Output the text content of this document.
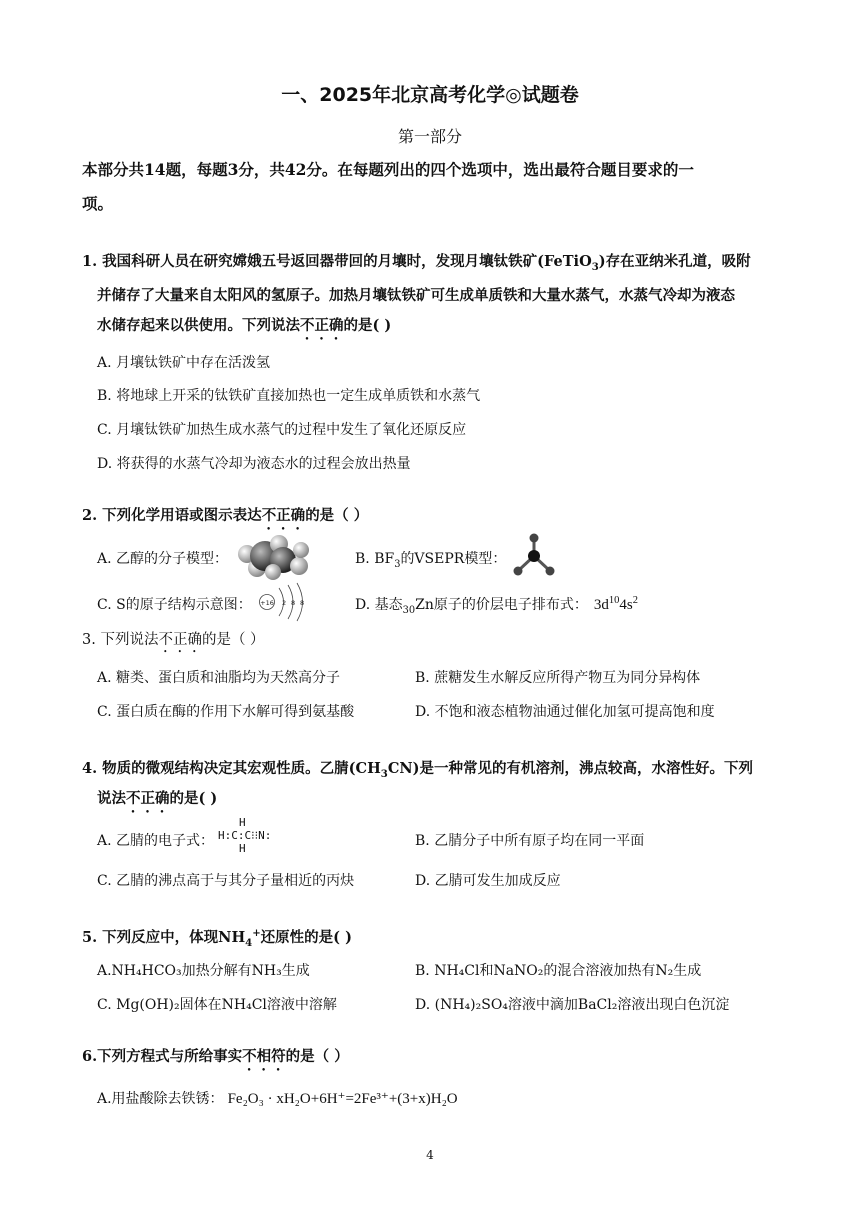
一、2025年北京高考化学◎试题卷
第一部分
本部分共14题，每题3分，共42分。在每题列出的四个选项中，选出最符合题目要求的一
项。
1. 我国科研人员在研究嫦娥五号返回器带回的月壤时，发现月壤钛铁矿(FeTiO$_3$)存在亚纳米孔道，吸附
并储存了大量来自太阳风的氢原子。加热月壤钛铁矿可生成单质铁和大量水蒸气，水蒸气冷却为液态
水储存起来以供使用。下列说法不正确的是( )
A. 月壤钛铁矿中存在活泼氢
B. 将地球上开采的钛铁矿直接加热也一定生成单质铁和水蒸气
C. 月壤钛铁矿加热生成水蒸气的过程中发生了氧化还原反应
D. 将获得的水蒸气冷却为液态水的过程会放出热量
2. 下列化学用语或图示表达不正确的是（ ）
A. 乙醇的分子模型：	B. $BF_3$的VSEPR模型：
C. S的原子结构示意图： +16 2 8 8	D. 基态$_{30}$Zn原子的价层电子排布式： $3d^{10}4s^2$
3. 下列说法不正确的是（ ）
A. 糖类、蛋白质和油脂均为天然高分子	B. 蔗糖发生水解反应所得产物互为同分异构体
C. 蛋白质在酶的作用下水解可得到氨基酸	D. 不饱和液态植物油通过催化加氢可提高饱和度
4. 物质的微观结构决定其宏观性质。乙腈$(CH_3CN)$是一种常见的有机溶剂，沸点较高，水溶性好。下列
说法不正确的是( )
A. 乙腈的电子式：
H
H:C:C⁝⁝N:
H	B. 乙腈分子中所有原子均在同一平面
C. 乙腈的沸点高于与其分子量相近的丙炔	D. 乙腈可发生加成反应
5. 下列反应中，体现$NH_4^+$还原性的是( )
A.NH₄HCO₃加热分解有NH₃生成	B. NH₄Cl和NaNO₂的混合溶液加热有N₂生成
C. Mg(OH)₂固体在NH₄Cl溶液中溶解	D. (NH₄)₂SO₄溶液中滴加BaCl₂溶液出现白色沉淀
6.下列方程式与所给事实不相符的是（ ）
A.用盐酸除去铁锈： Fe₂O₃ · xH₂O+6H⁺=2Fe³⁺+(3+x)H₂O
4
